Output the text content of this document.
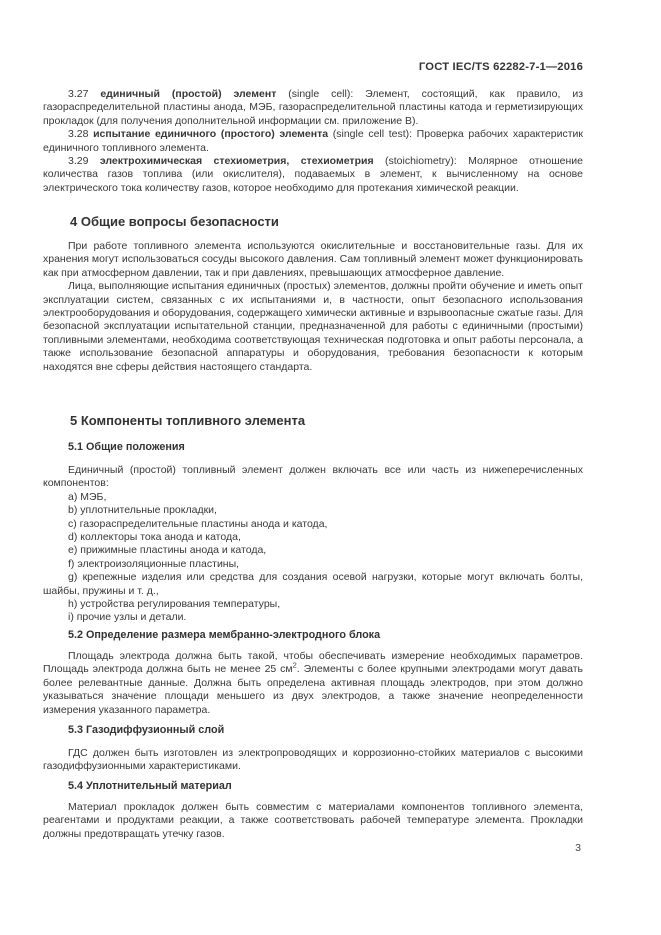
ГОСТ IEC/TS 62282-7-1—2016

3.27 единичный (простой) элемент (single cell): Элемент, состоящий, как правило, из газораспределительной пластины анода, МЭБ, газораспределительной пластины катода и герметизирующих прокладок (для получения дополнительной информации см. приложение В).

3.28 испытание единичного (простого) элемента (single cell test): Проверка рабочих характеристик единичного топливного элемента.

3.29 электрохимическая стехиометрия, стехиометрия (stoichiometry): Молярное отношение количества газов топлива (или окислителя), подаваемых в элемент, к вычисленному на основе электрического тока количеству газов, которое необходимо для протекания химической реакции.

4 Общие вопросы безопасности

При работе топливного элемента используются окислительные и восстановительные газы. Для их хранения могут использоваться сосуды высокого давления. Сам топливный элемент может функционировать как при атмосферном давлении, так и при давлениях, превышающих атмосферное давление.

Лица, выполняющие испытания единичных (простых) элементов, должны пройти обучение и иметь опыт эксплуатации систем, связанных с их испытаниями и, в частности, опыт безопасного использования электрооборудования и оборудования, содержащего химически активные и взрывоопасные сжатые газы. Для безопасной эксплуатации испытательной станции, предназначенной для работы с единичными (простыми) топливными элементами, необходима соответствующая техническая подготовка и опыт работы персонала, а также использование безопасной аппаратуры и оборудования, требования безопасности к которым находятся вне сферы действия настоящего стандарта.

5 Компоненты топливного элемента
5.1 Общие положения

Единичный (простой) топливный элемент должен включать все или часть из нижеперечисленных компонентов:

a) МЭБ,

b) уплотнительные прокладки,

c) газораспределительные пластины анода и катода,

d) коллекторы тока анода и катода,

e) прижимные пластины анода и катода,

f) электроизоляционные пластины,

g) крепежные изделия или средства для создания осевой нагрузки, которые могут включать болты, шайбы, пружины и т. д.,

h) устройства регулирования температуры,

i) прочие узлы и детали.

5.2 Определение размера мембранно-электродного блока

Площадь электрода должна быть такой, чтобы обеспечивать измерение необходимых параметров. Площадь электрода должна быть не менее 25 $см^2$. Элементы с более крупными электродами могут давать более релевантные данные. Должна быть определена активная площадь электродов, при этом должно указываться значение площади меньшего из двух электродов, а также значение неопределенности измерения указанного параметра.

5.3 Газодиффузионный слой

ГДС должен быть изготовлен из электропроводящих и коррозионно-стойких материалов с высокими газодиффузионными характеристиками.

5.4 Уплотнительный материал

Материал прокладок должен быть совместим с материалами компонентов топливного элемента, реагентами и продуктами реакции, а также соответствовать рабочей температуре элемента. Прокладки должны предотвращать утечку газов.

3
